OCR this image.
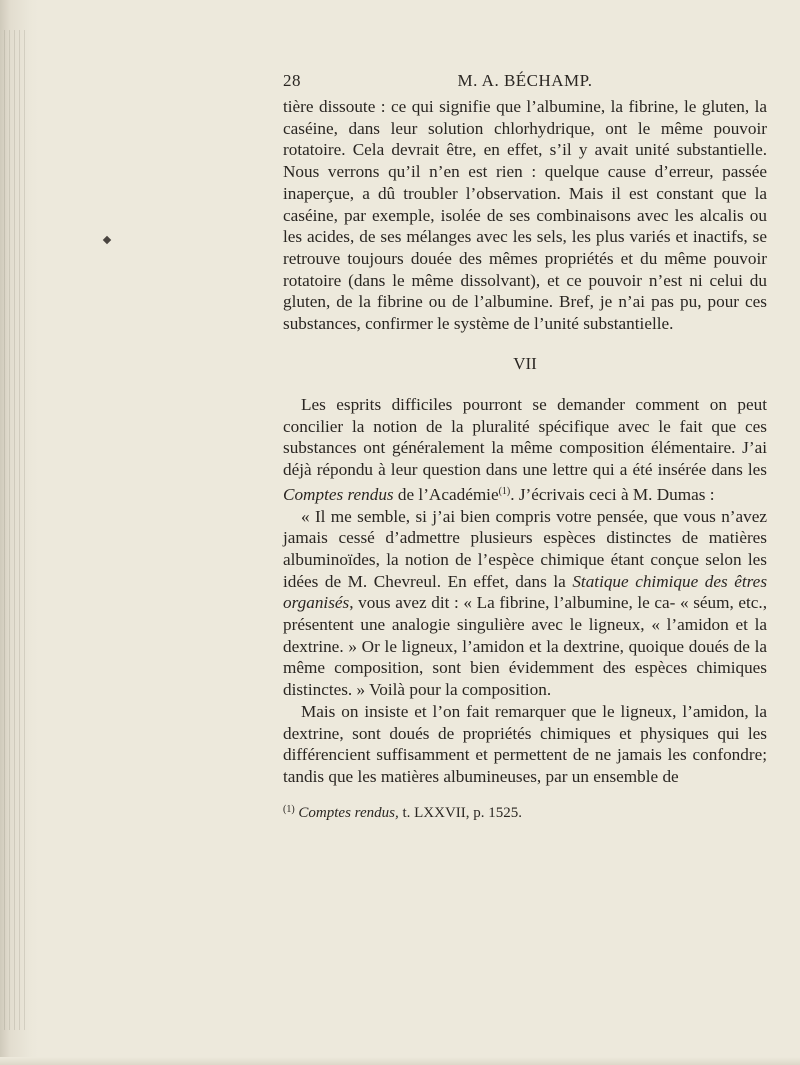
28	M. A. BÉCHAMP.

tière dissoute : ce qui signifie que l’albumine, la fibrine, le gluten, la caséine, dans leur solution chlorhydrique, ont le même pouvoir rotatoire. Cela devrait être, en effet, s’il y avait unité substantielle. Nous verrons qu’il n’en est rien : quelque cause d’erreur, passée inaperçue, a dû troubler l’observation. Mais il est constant que la caséine, par exemple, isolée de ses combinaisons avec les alcalis ou les acides, de ses mélanges avec les sels, les plus variés et inactifs, se retrouve toujours douée des mêmes propriétés et du même pouvoir rotatoire (dans le même dissolvant), et ce pouvoir n’est ni celui du gluten, de la fibrine ou de l’albumine. Bref, je n’ai pas pu, pour ces substances, confirmer le système de l’unité substantielle.

VII

Les esprits difficiles pourront se demander comment on peut concilier la notion de la pluralité spécifique avec le fait que ces substances ont généralement la même composition élémentaire. J’ai déjà répondu à leur question dans une lettre qui a été insérée dans les Comptes rendus de l’Académie$^{(1)}$. J’écrivais ceci à M. Dumas :

« Il me semble, si j’ai bien compris votre pensée, que vous n’avez jamais cessé d’admettre plusieurs espèces distinctes de matières albuminoïdes, la notion de l’espèce chimique étant conçue selon les idées de M. Chevreul. En effet, dans la Statique chimique des êtres organisés, vous avez dit : « La fibrine, l’albumine, le ca- « séum, etc., présentent une analogie singulière avec le ligneux, « l’amidon et la dextrine. » Or le ligneux, l’amidon et la dextrine, quoique doués de la même composition, sont bien évidemment des espèces chimiques distinctes. » Voilà pour la composition.

Mais on insiste et l’on fait remarquer que le ligneux, l’amidon, la dextrine, sont doués de propriétés chimiques et physiques qui les différencient suffisamment et permettent de ne jamais les confondre; tandis que les matières albumineuses, par un ensemble de

$^{(1)}$ Comptes rendus, t. LXXVII, p. 1525.
